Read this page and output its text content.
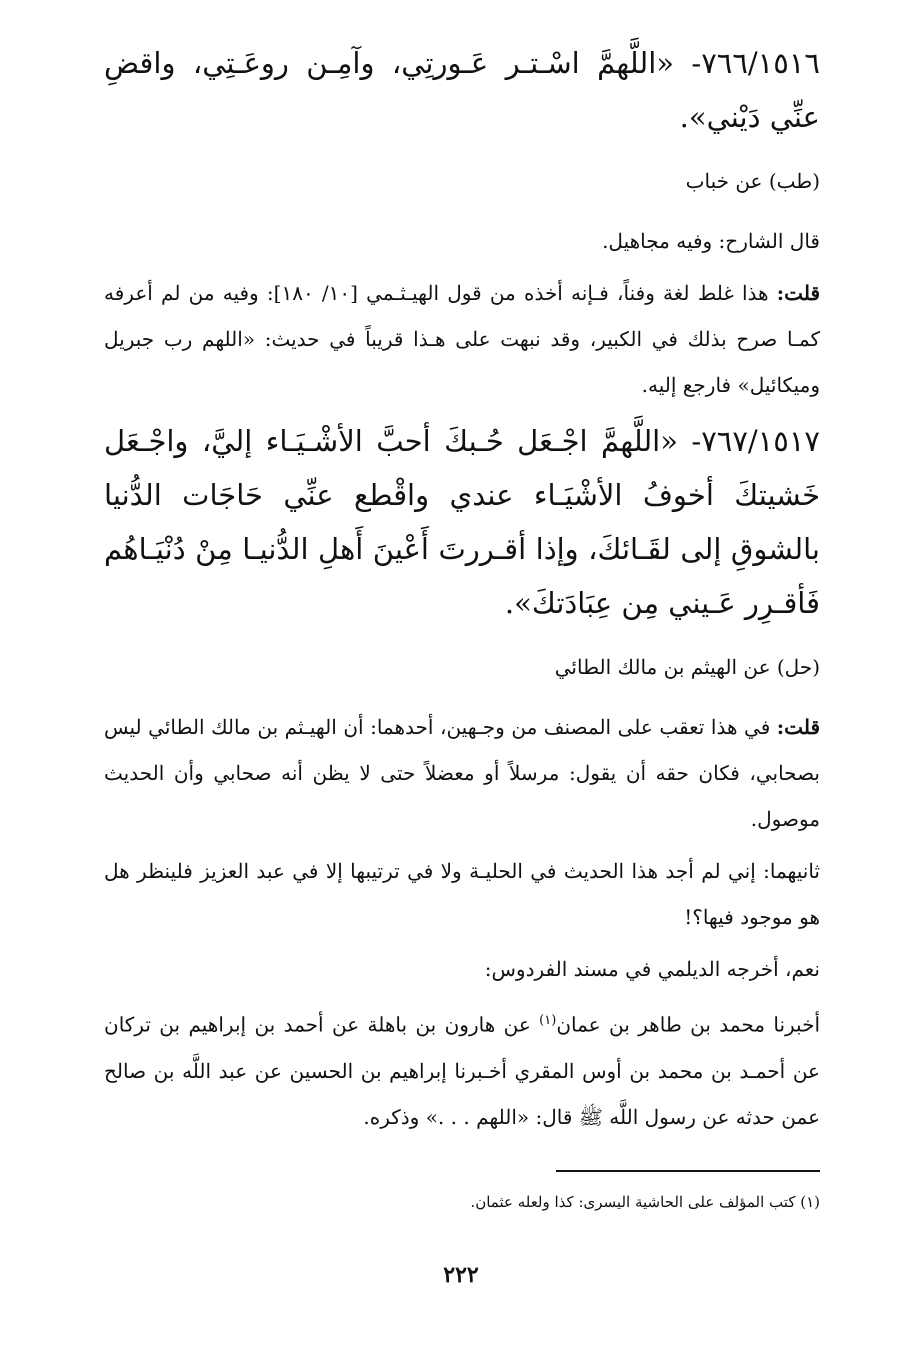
٧٦٦/١٥١٦- «اللَّهمَّ اسْـتـر عَـورتِي، وآمِـن روعَـتِي، واقضِ عنِّي دَيْني».

(طب) عن خباب

قال الشارح: وفيه مجاهيل.

قلت: هذا غلط لغة وفناً، فـإنه أخذه من قول الهيـثـمي [١٠/ ١٨٠]: وفيه من لم أعرفه كمـا صرح بذلك في الكبير، وقد نبهت على هـذا قريباً في حديث: «اللهم رب جبريل وميكائيل» فارجع إليه.

٧٦٧/١٥١٧- «اللَّهمَّ اجْـعَل حُـبكَ أحبَّ الأشْـيَـاء إليَّ، واجْـعَل خَشيتكَ أخوفُ الأشْيَـاء عندي واقْطع عنِّي حَاجَات الدُّنيا بالشوقِ إلى لقَـائكَ، وإذا أقـررتَ أَعْينَ أَهلِ الدُّنيـا مِنْ دُنْيَـاهُم فَأقـرِر عَـيني مِن عِبَادَتكَ».

(حل) عن الهيثم بن مالك الطائي

قلت: في هذا تعقب على المصنف من وجـهين، أحدهما: أن الهيـثم بن مالك الطائي ليس بصحابي، فكان حقه أن يقول: مرسلاً أو معضلاً حتى لا يظن أنه صحابي وأن الحديث موصول.

ثانيهما: إني لم أجد هذا الحديث في الحليـة ولا في ترتيبها إلا في عبد العزيز فلينظر هل هو موجود فيها؟!

نعم، أخرجه الديلمي في مسند الفردوس:

أخبرنا محمد بن طاهر بن عمان$^{(١)}$ عن هارون بن باهلة عن أحمد بن إبراهيم بن تركان عن أحمـد بن محمد بن أوس المقري أخـبرنا إبراهيم بن الحسين عن عبد اللَّه بن صالح عمن حدثه عن رسول اللَّه ﷺ قال: «اللهم . . .» وذكره.

(١) كتب المؤلف على الحاشية اليسرى: كذا ولعله عثمان.
٢٢٢
